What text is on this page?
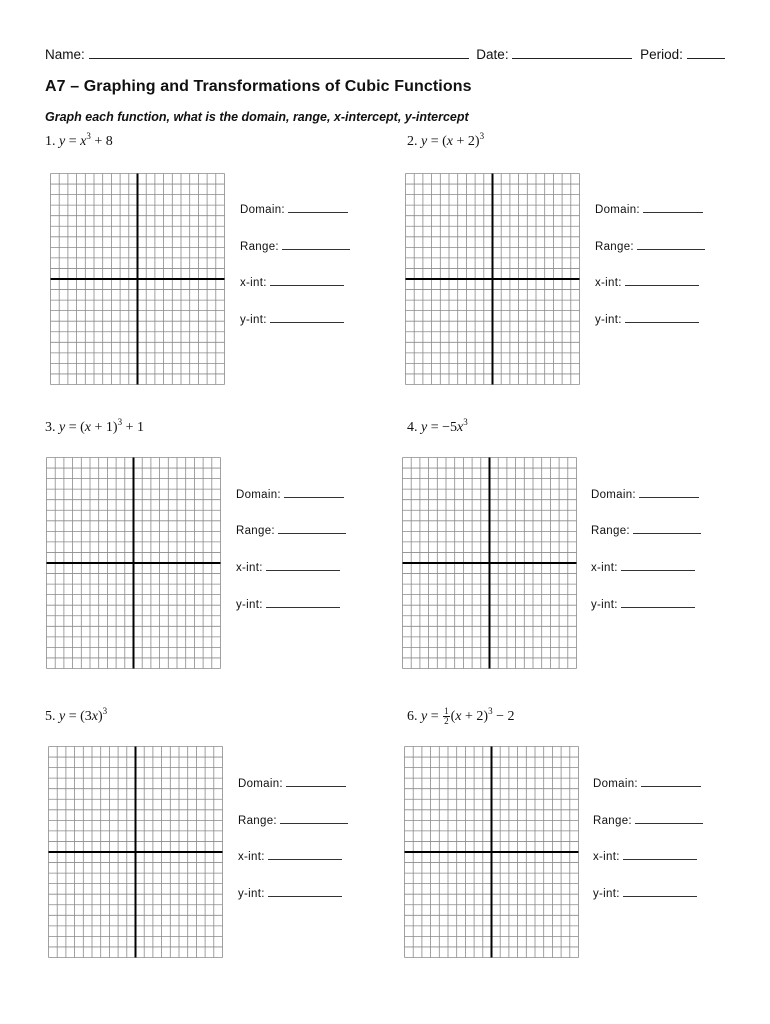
Name:	Date:	Period:
A7 – Graphing and Transformations of Cubic Functions
Graph each function, what is the domain, range, x-intercept, y-intercept
1. $y = x^3 + 8$	2. $y = (x + 2)^3$
3. $y = (x + 1)^3 + 1$	4. $y = -5x^3$
5. $y = (3x)^3$	6. $y = \frac{1}{2} (x + 2)^3 - 2$
Domain:
Range:
x-int:
y-int:
Domain:
Range:
x-int:
y-int:
Domain:
Range:
x-int:
y-int:
Domain:
Range:
x-int:
y-int:
Domain:
Range:
x-int:
y-int:
Domain:
Range:
x-int:
y-int:
